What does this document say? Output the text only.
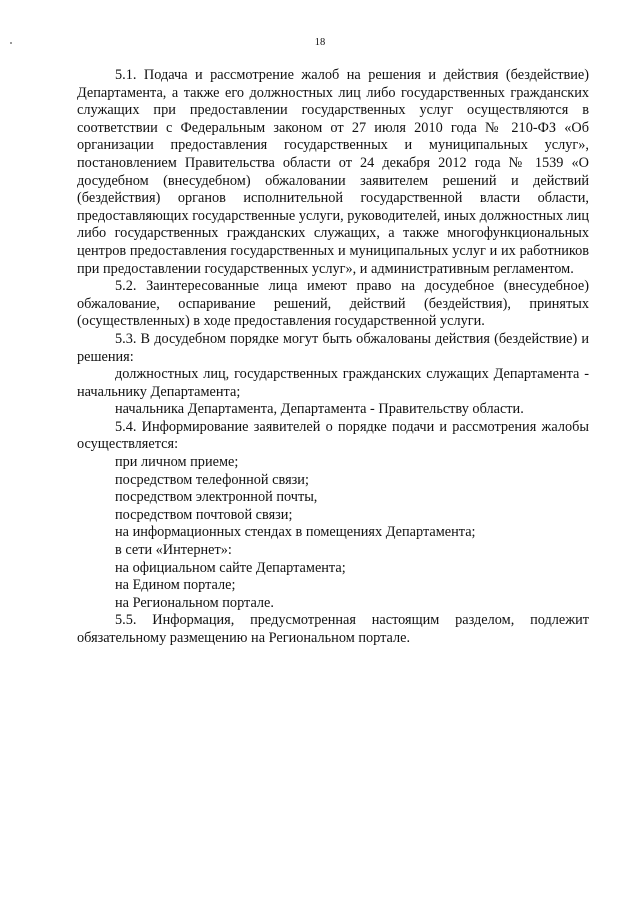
18

5.1. Подача и рассмотрение жалоб на решения и действия (бездействие) Департамента, а также его должностных лиц либо государственных гражданских служащих при предоставлении государственных услуг осуществляются в соответствии с Федеральным законом от 27 июля 2010 года № 210-ФЗ «Об организации предоставления государственных и муниципальных услуг», постановлением Правительства области от 24 декабря 2012 года № 1539 «О досудебном (внесудебном) обжаловании заявителем решений и действий (бездействия) органов исполнительной государственной власти области, предоставляющих государственные услуги, руководителей, иных должностных лиц либо государственных гражданских служащих, а также многофункциональных центров предоставления государственных и муниципальных услуг и их работников при предоставлении государственных услуг», и административным регламентом.

5.2. Заинтересованные лица имеют право на досудебное (внесудебное) обжалование, оспаривание решений, действий (бездействия), принятых (осуществленных) в ходе предоставления государственной услуги.

5.3. В досудебном порядке могут быть обжалованы действия (бездействие) и решения:

должностных лиц, государственных гражданских служащих Департамента - начальнику Департамента;

начальника Департамента, Департамента - Правительству области.

5.4. Информирование заявителей о порядке подачи и рассмотрения жалобы осуществляется:

при личном приеме;

посредством телефонной связи;

посредством электронной почты,

посредством почтовой связи;

на информационных стендах в помещениях Департамента;

в сети «Интернет»:

на официальном сайте Департамента;

на Едином портале;

на Региональном портале.

5.5. Информация, предусмотренная настоящим разделом, подлежит обязательному размещению на Региональном портале.
